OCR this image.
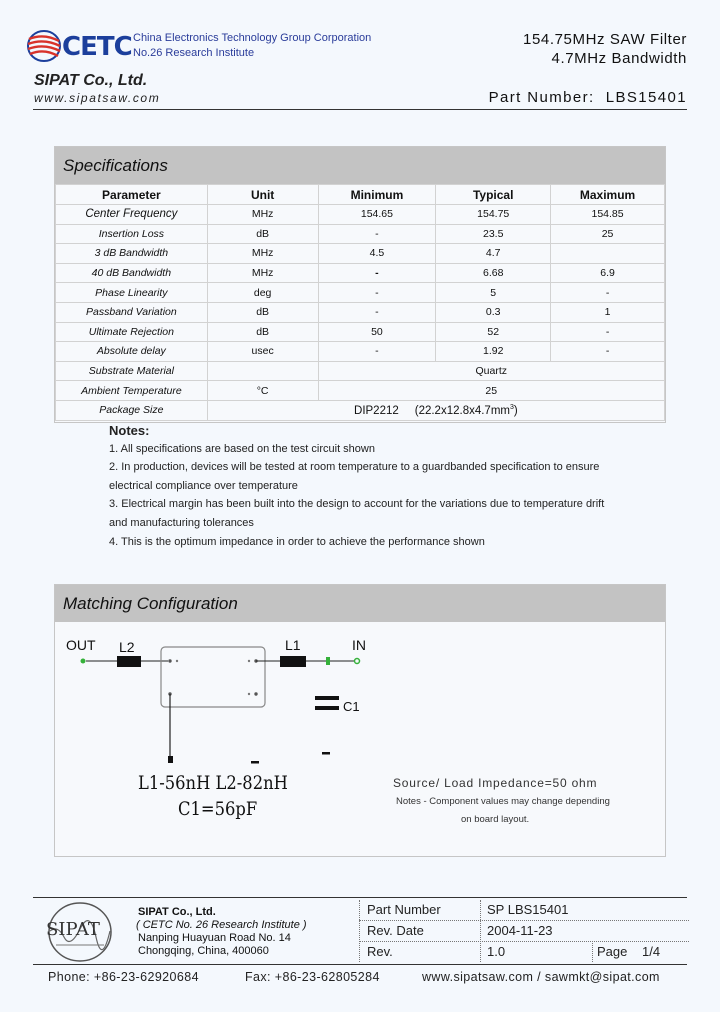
CETC China Electronics Technology Group Corporation
No.26 Research Institute
SIPAT Co., Ltd.
www.sipatsaw.com
154.75MHz SAW Filter
4.7MHz Bandwidth
Part Number: LBS15401
Specifications
Parameter	Unit	Minimum	Typical	Maximum
Center Frequency	MHz	154.65	154.75	154.85
Insertion Loss	dB	-	23.5	25
3 dB Bandwidth	MHz	4.5	4.7	
40 dB Bandwidth	MHz	-	6.68	6.9
Phase Linearity	deg	-	5	-
Passband Variation	dB	-	0.3	1
Ultimate Rejection	dB	50	52	-
Absolute delay	usec	-	1.92	-
Substrate Material		Quartz		
Ambient Temperature	°C	25		
Package Size	DIP2212     $(22.2x12.8x4.7mm^3)$			
Notes:
1. All specifications are based on the test circuit shown
2. In production, devices will be tested at room temperature to a guardbanded specification to ensure
electrical compliance over temperature
3. Electrical margin has been built into the design to account for the variations due to temperature drift
and manufacturing tolerances
4. This is the optimum impedance in order to achieve the performance shown
Matching Configuration
OUT L2	L1	IN
C1
L1-56nH L2-82nH
C1=56pF
Source/ Load Impedance=50 ohm
Notes - Component values may change depending
on board layout.
SIPAT
SIPAT Co., Ltd.
( CETC No. 26 Research Institute )
Nanping Huayuan Road No. 14
Chongqing, China, 400060
Part Number	SP LBS15401
Rev. Date	2004-11-23
Rev.	1.0	Page 1/4
Phone: +86-23-62920684	Fax: +86-23-62805284	www.sipatsaw.com / sawmkt@sipat.com
